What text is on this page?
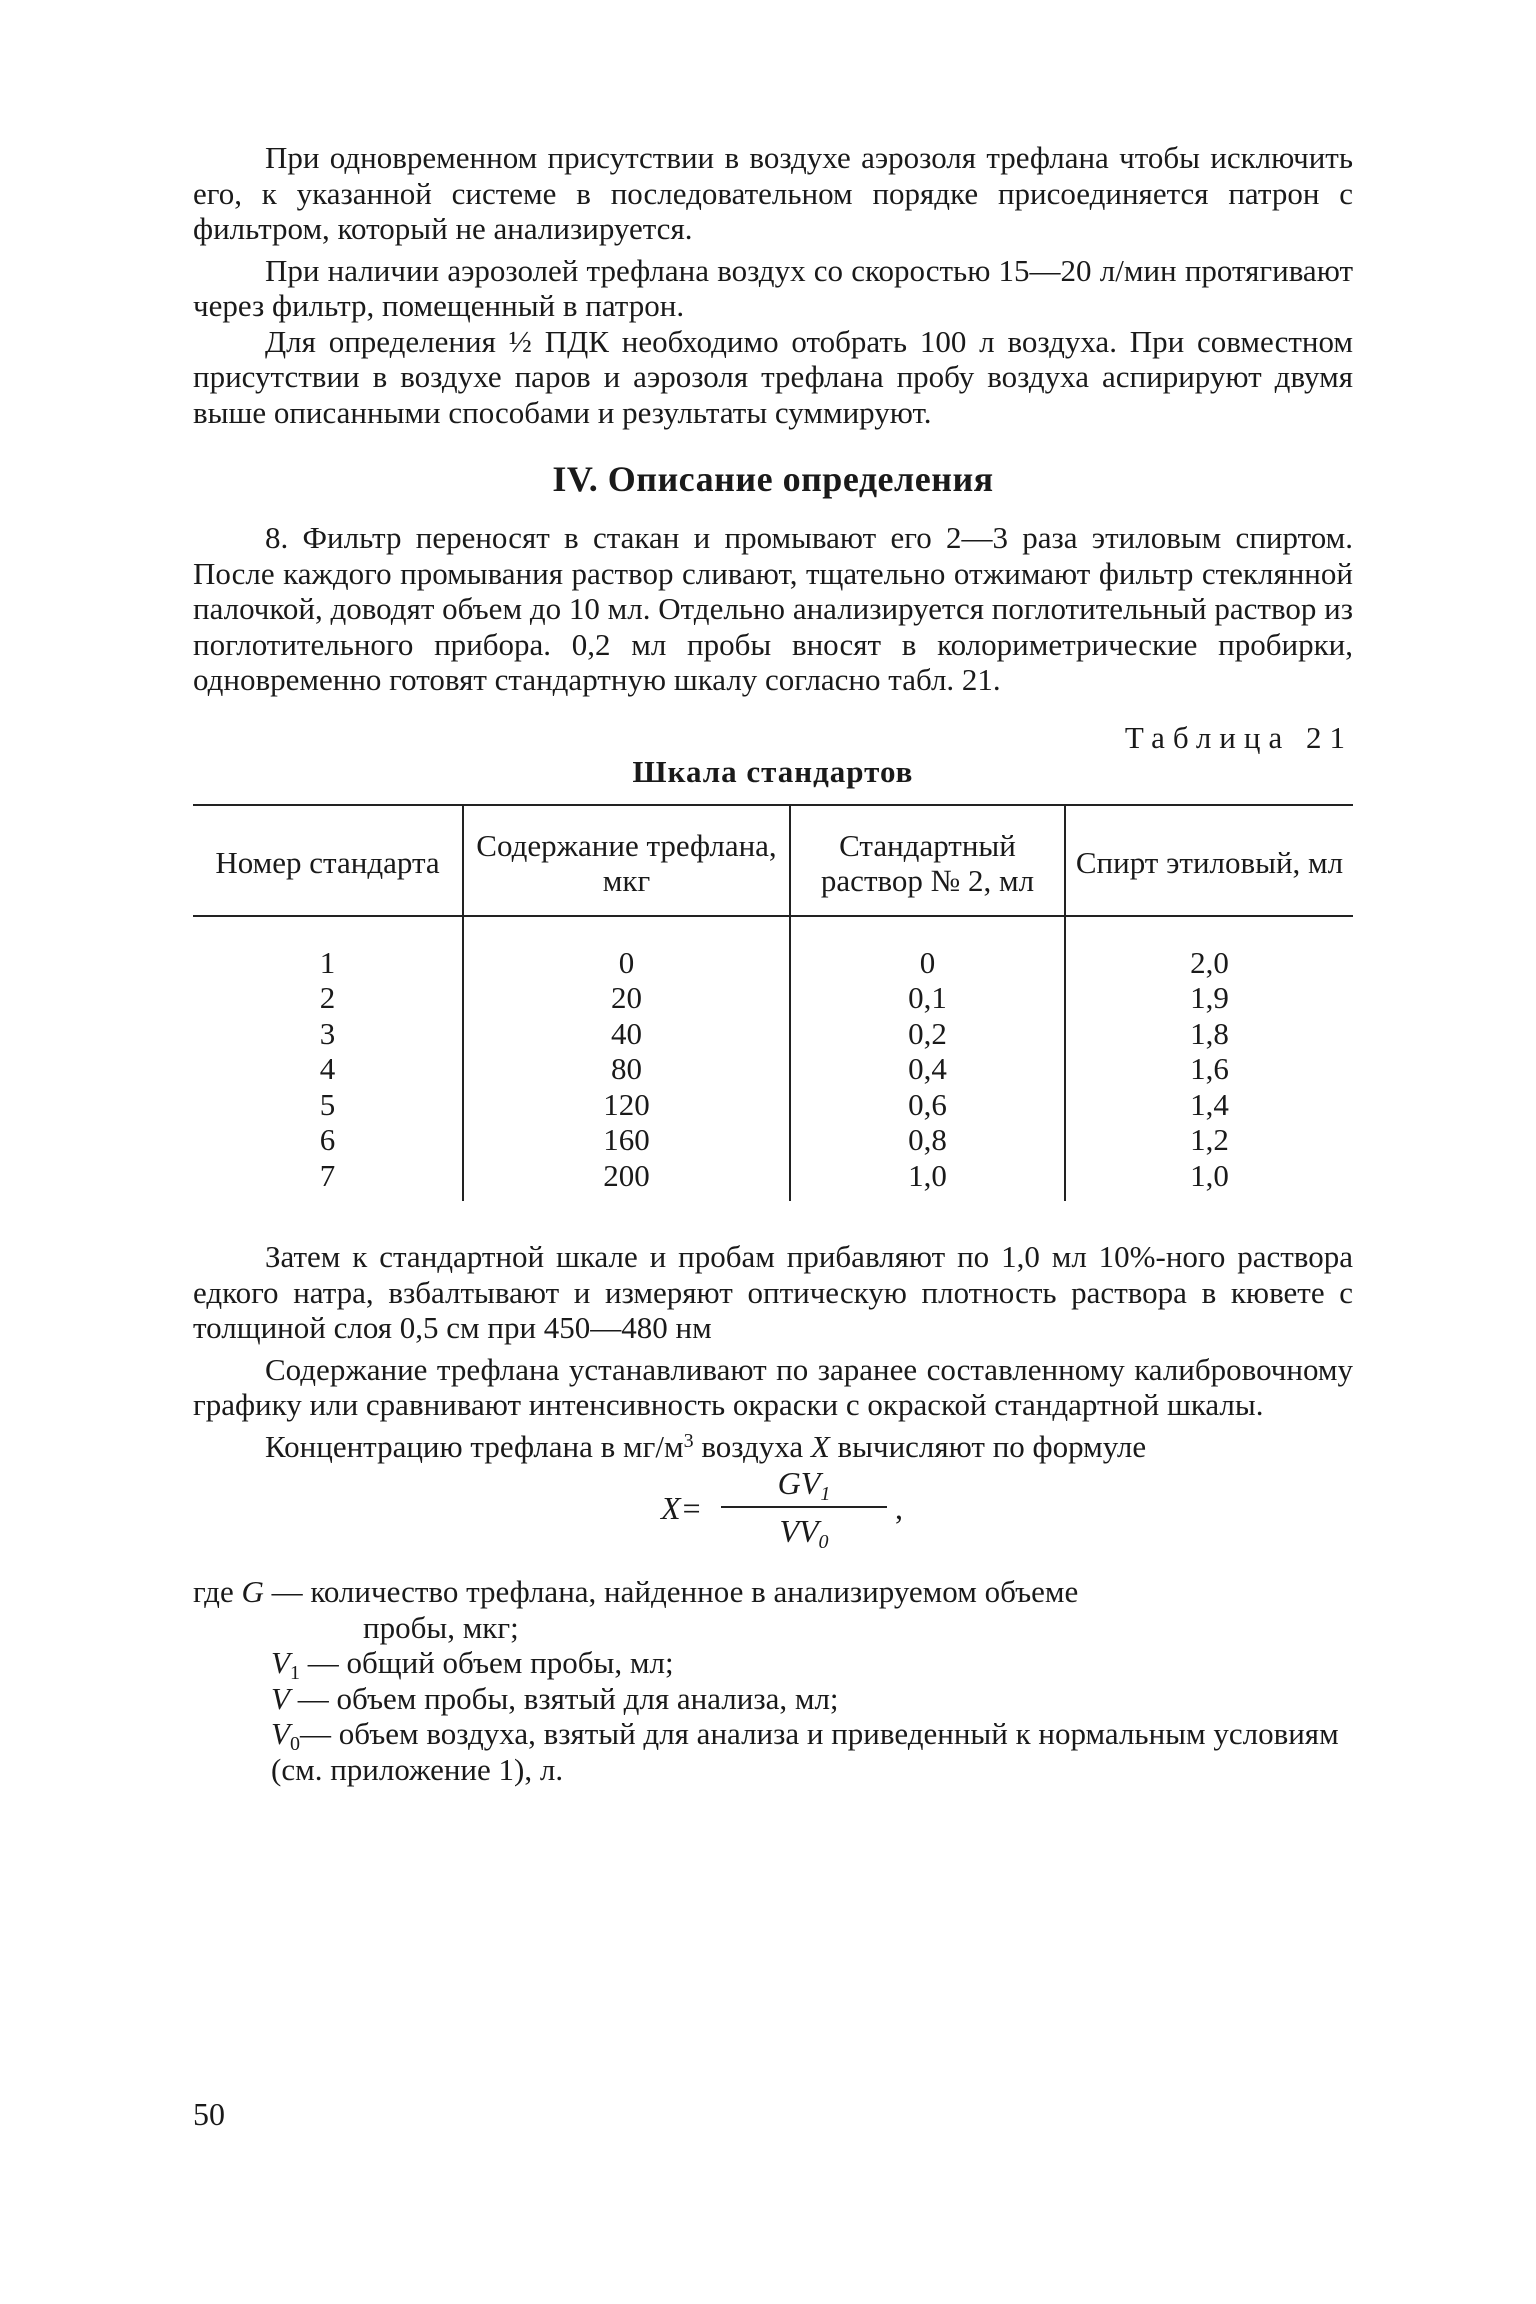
При одновременном присутствии в воздухе аэрозоля трефлана чтобы исключить его, к указанной системе в последовательном порядке присоединяется патрон с фильтром, который не анализируется.

При наличии аэрозолей трефлана воздух со скоростью 15—20 л/мин протягивают через фильтр, помещенный в патрон.

Для определения ½ ПДК необходимо отобрать 100 л воздуха. При совместном присутствии в воздухе паров и аэрозоля трефлана пробу воздуха аспирируют двумя выше описанными способами и результаты суммируют.

IV. Описание определения

8. Фильтр переносят в стакан и промывают его 2—3 раза этиловым спиртом. После каждого промывания раствор сливают, тщательно отжимают фильтр стеклянной палочкой, доводят объем до 10 мл. Отдельно анализируется поглотительный раствор из поглотительного прибора. 0,2 мл пробы вносят в колориметрические пробирки, одновременно готовят стандартную шкалу согласно табл. 21.

Таблица 21
Шкала стандартов
Номер стандарта	Содержание трефлана, мкг	Стандартный раствор № 2, мл	Спирт этиловый, мл

1	0	0	2,0
2	20	0,1	1,9
3	40	0,2	1,8
4	80	0,4	1,6
5	120	0,6	1,4
6	160	0,8	1,2
7	200	1,0	1,0

Затем к стандартной шкале и пробам прибавляют по 1,0 мл 10%-ного раствора едкого натра, взбалтывают и измеряют оптическую плотность раствора в кювете с толщиной слоя 0,5 см при 450—480 нм

Содержание трефлана устанавливают по заранее составленному калибровочному графику или сравнивают интенсивность окраски с окраской стандартной шкалы.

Концентрацию трефлана в $мг/м^3$ воздуха X вычисляют по формуле

X=
$GV_1$
$VV_0$
,
где G — количество трефлана, найденное в анализируемом объеме
пробы, мкг;
$V_1$ — общий объем пробы, мл;
V — объем пробы, взятый для анализа, мл;
$V_0—$ объем воздуха, взятый для анализа и приведенный к нормальным условиям (см. приложение 1), л.
50
